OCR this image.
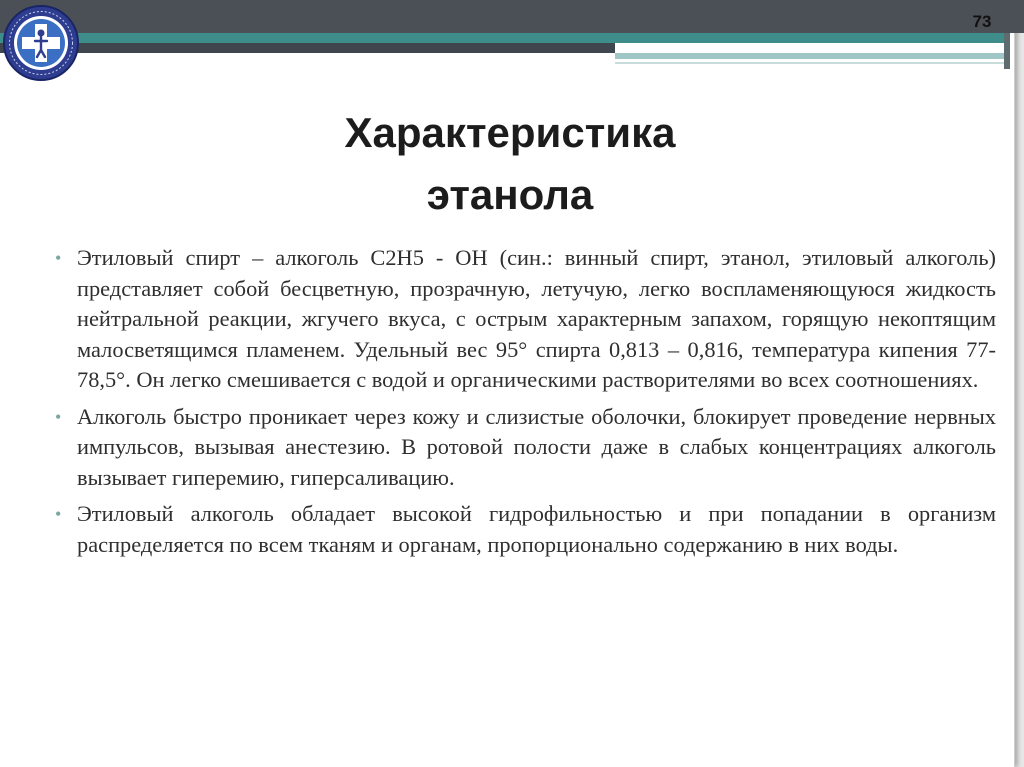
73
Характеристика
этанола
• Этиловый спирт – алкоголь С2Н5 - ОН (син.: винный спирт, этанол, этиловый алкоголь) представляет собой бесцветную, прозрачную, летучую, легко воспламеняющуюся жидкость нейтральной реакции, жгучего вкуса, с острым характерным запахом, горящую некоптящим малосветящимся пламенем. Удельный вес 95° спирта 0,813 – 0,816, температура кипения 77- 78,5°. Он легко смешивается с водой и органическими растворителями во всех соотношениях.
• Алкоголь быстро проникает через кожу и слизистые оболочки, блокирует проведение нервных импульсов, вызывая анестезию. В ротовой полости даже в слабых концентрациях алкоголь вызывает гиперемию, гиперсаливацию.
• Этиловый алкоголь обладает высокой гидрофильностью и при попадании в организм распределяется по всем тканям и органам, пропорционально содержанию в них воды.
